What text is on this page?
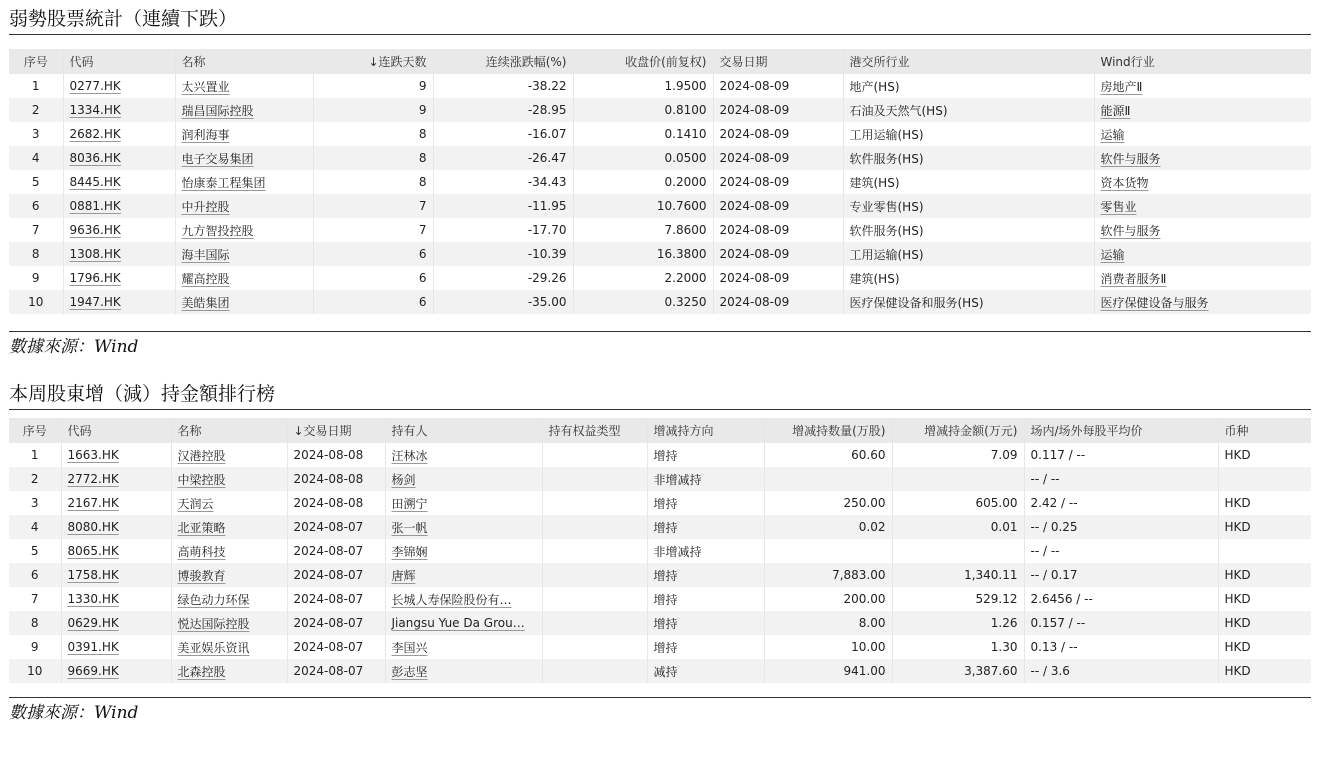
弱勢股票統計（連續下跌）
序号	代码	名称	↓连跌天数	连续涨跌幅(%)	收盘价(前复权)	交易日期	港交所行业	Wind行业
1	0277.HK	太兴置业	9	-38.22	1.9500	2024-08-09	地产(HS)	房地产Ⅱ
2	1334.HK	瑞昌国际控股	9	-28.95	0.8100	2024-08-09	石油及天然气(HS)	能源Ⅱ
3	2682.HK	润利海事	8	-16.07	0.1410	2024-08-09	工用运输(HS)	运输
4	8036.HK	电子交易集团	8	-26.47	0.0500	2024-08-09	软件服务(HS)	软件与服务
5	8445.HK	怡康泰工程集团	8	-34.43	0.2000	2024-08-09	建筑(HS)	资本货物
6	0881.HK	中升控股	7	-11.95	10.7600	2024-08-09	专业零售(HS)	零售业
7	9636.HK	九方智投控股	7	-17.70	7.8600	2024-08-09	软件服务(HS)	软件与服务
8	1308.HK	海丰国际	6	-10.39	16.3800	2024-08-09	工用运输(HS)	运输
9	1796.HK	耀高控股	6	-29.26	2.2000	2024-08-09	建筑(HS)	消费者服务Ⅱ
10	1947.HK	美皓集团	6	-35.00	0.3250	2024-08-09	医疗保健设备和服务(HS)	医疗保健设备与服务
數據來源：Wind
本周股東增（減）持金額排行榜
序号	代码	名称	↓交易日期	持有人	持有权益类型	增减持方向	增减持数量(万股)	增减持金额(万元)	场内/场外每股平均价	币种
1	1663.HK	汉港控股	2024-08-08	汪林冰		增持	60.60	7.09	0.117 / --	HKD
2	2772.HK	中梁控股	2024-08-08	杨剑		非增减持			-- / --	
3	2167.HK	天润云	2024-08-08	田溯宁		增持	250.00	605.00	2.42 / --	HKD
4	8080.HK	北亚策略	2024-08-07	张一帆		增持	0.02	0.01	-- / 0.25	HKD
5	8065.HK	高萌科技	2024-08-07	李锦娴		非增减持			-- / --	
6	1758.HK	博骏教育	2024-08-07	唐辉		增持	7,883.00	1,340.11	-- / 0.17	HKD
7	1330.HK	绿色动力环保	2024-08-07	长城人寿保险股份有…		增持	200.00	529.12	2.6456 / --	HKD
8	0629.HK	悦达国际控股	2024-08-07	Jiangsu Yue Da Grou…		增持	8.00	1.26	0.157 / --	HKD
9	0391.HK	美亚娱乐资讯	2024-08-07	李国兴		增持	10.00	1.30	0.13 / --	HKD
10	9669.HK	北森控股	2024-08-07	彭志坚		减持	941.00	3,387.60	-- / 3.6	HKD
數據來源：Wind
